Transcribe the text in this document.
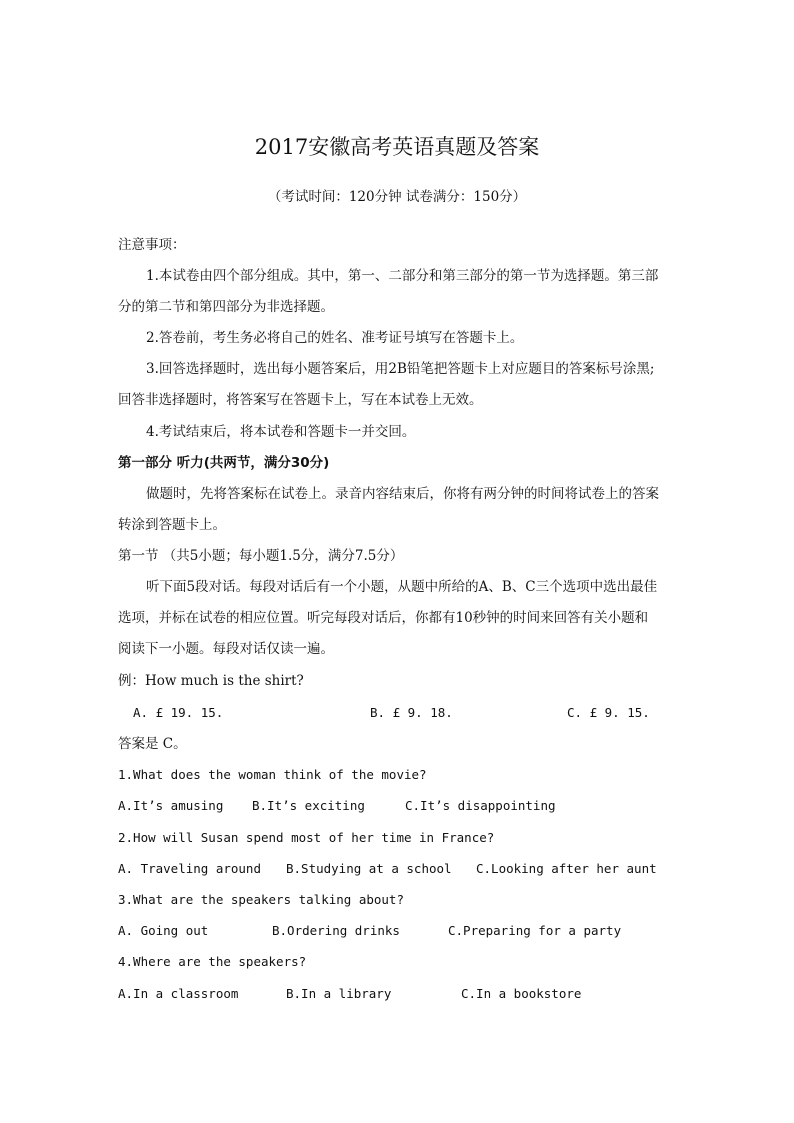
2017安徽高考英语真题及答案
（考试时间：120分钟 试卷满分：150分）
注意事项：
1.本试卷由四个部分组成。其中，第一、二部分和第三部分的第一节为选择题。第三部
分的第二节和第四部分为非选择题。
2.答卷前，考生务必将自己的姓名、准考证号填写在答题卡上。
3.回答选择题时，选出每小题答案后，用2B铅笔把答题卡上对应题目的答案标号涂黑;
回答非选择题时，将答案写在答题卡上，写在本试卷上无效。
4.考试结束后，将本试卷和答题卡一并交回。
第一部分 听力(共两节，满分30分)
做题时，先将答案标在试卷上。录音内容结束后，你将有两分钟的时间将试卷上的答案
转涂到答题卡上。
第一节 （共5小题；每小题1.5分，满分7.5分）
听下面5段对话。每段对话后有一个小题，从题中所给的A、B、C三个选项中选出最佳
选项，并标在试卷的相应位置。听完每段对话后，你都有10秒钟的时间来回答有关小题和
阅读下一小题。每段对话仅读一遍。
例：How much is the shirt?
A. £ 19. 15.	B. £ 9. 18.	C. £ 9. 15.
答案是 C。
1.What does the woman think of the movie?
A.It’s amusing B.It’s exciting	C.It’s disappointing
2.How will Susan spend most of her time in France?
A. Traveling around B.Studying at a school C.Looking after her aunt
3.What are the speakers talking about?
A. Going out	B.Ordering drinks	C.Preparing for a party
4.Where are the speakers?
A.In a classroom	B.In a library	C.In a bookstore
